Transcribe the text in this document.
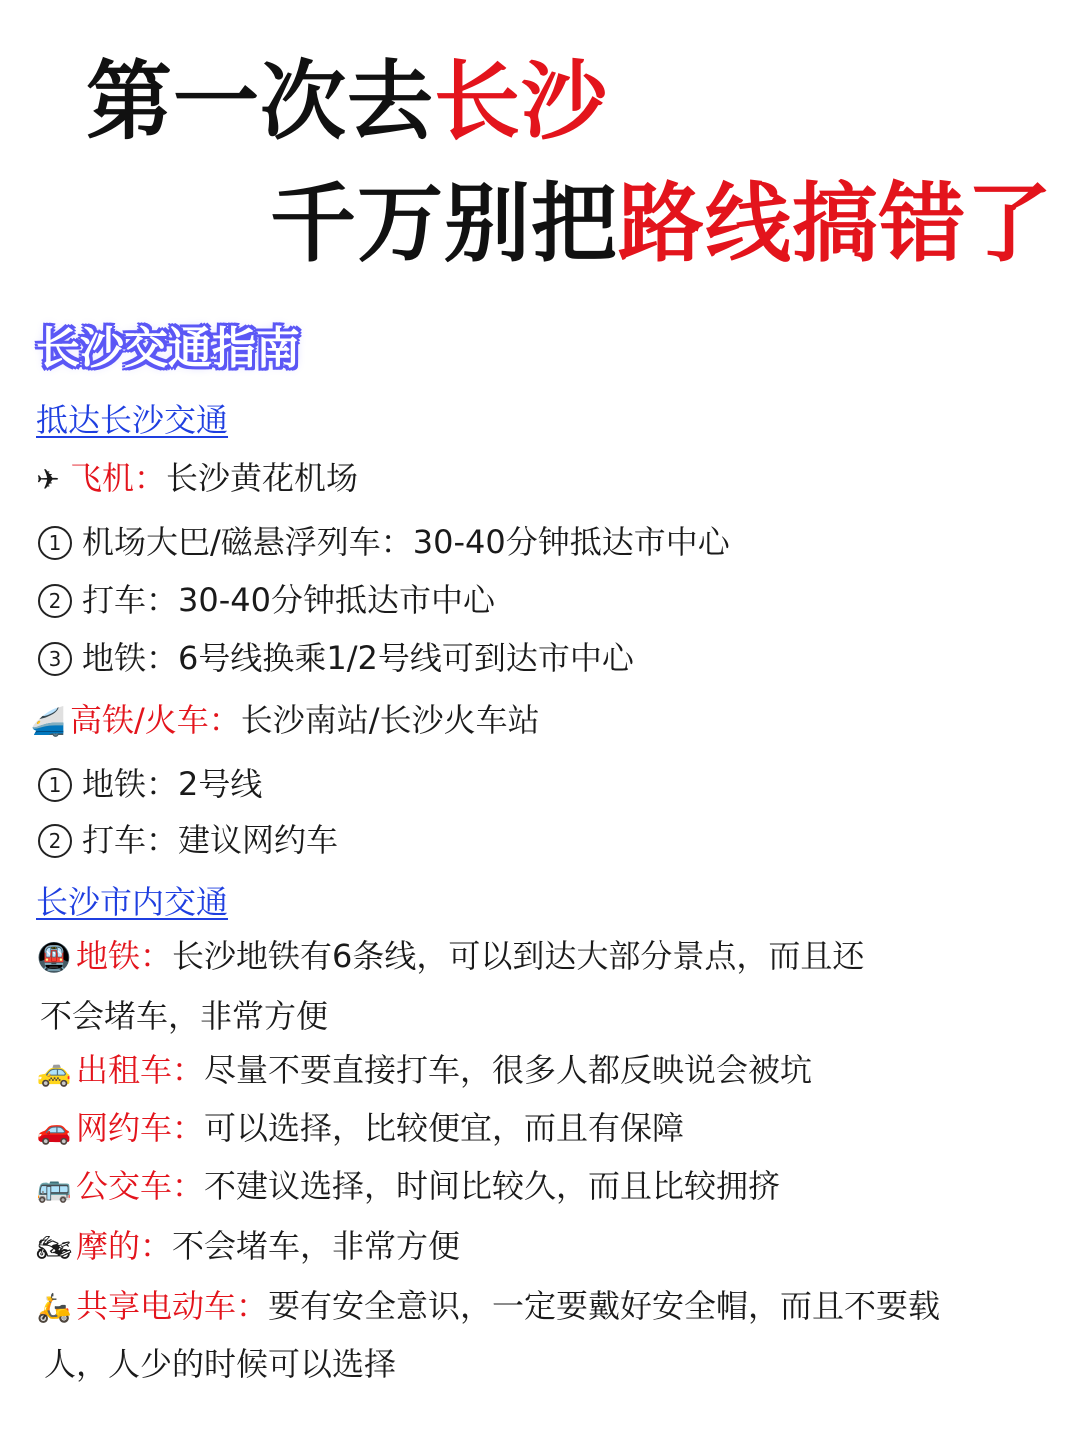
第一次去长沙
千万别把路线搞错了
长沙交通指南
抵达长沙交通
✈ 飞机：长沙黄花机场
1 机场大巴/磁悬浮列车：30-40分钟抵达市中心
2 打车：30-40分钟抵达市中心
3 地铁：6号线换乘1/2号线可到达市中心
🚄 高铁/火车：长沙南站/长沙火车站
1 地铁：2号线
2 打车：建议网约车
长沙市内交通
🚇 地铁：长沙地铁有6条线，可以到达大部分景点，而且还
不会堵车，非常方便
🚕 出租车：尽量不要直接打车，很多人都反映说会被坑
🚗 网约车：可以选择，比较便宜，而且有保障
🚌 公交车：不建议选择，时间比较久，而且比较拥挤
🏍 摩的：不会堵车，非常方便
🛵 共享电动车：要有安全意识，一定要戴好安全帽，而且不要载
人，人少的时候可以选择
